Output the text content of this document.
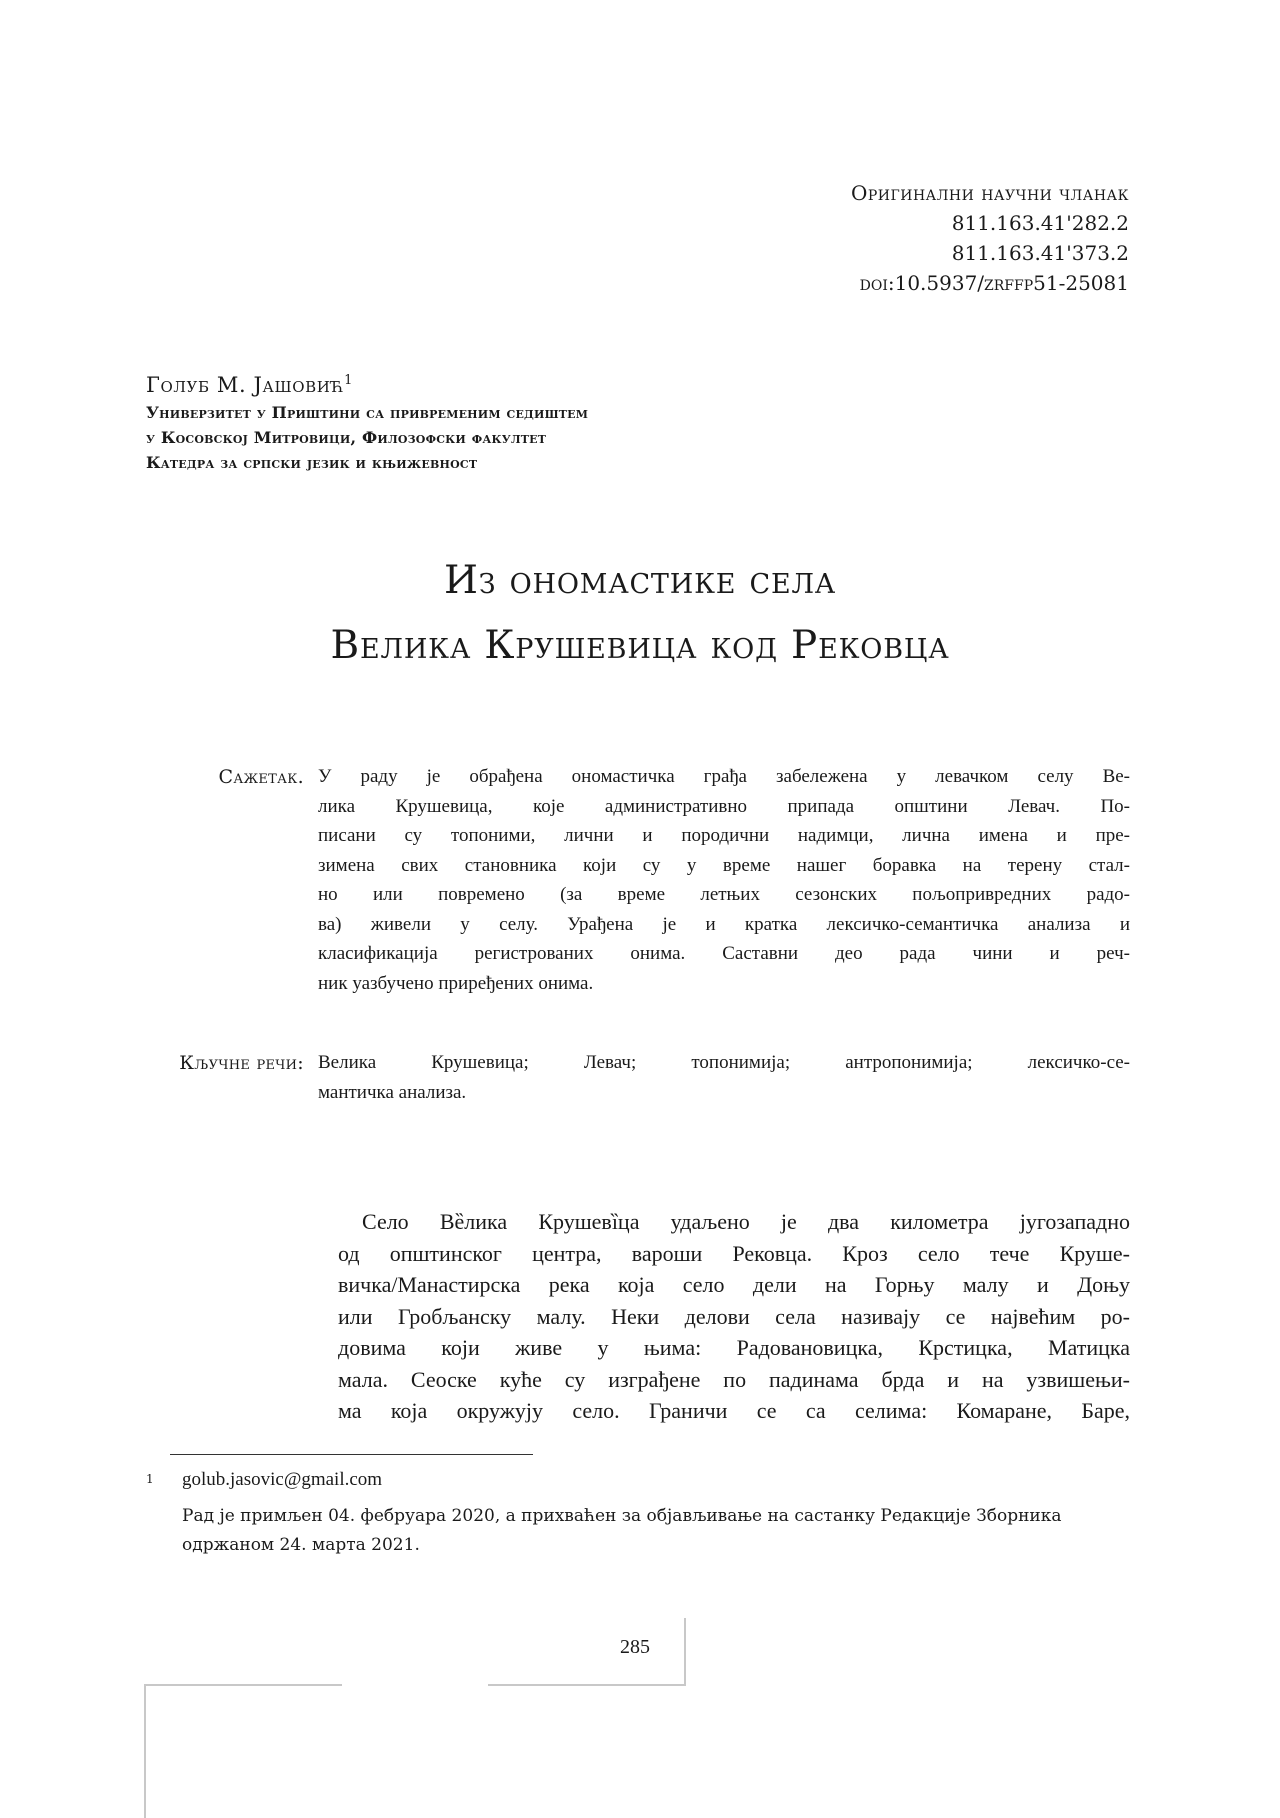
Оригинални научни чланак
811.163.41'282.2
811.163.41'373.2
doi:10.5937/zrffp51-25081
Голуб М. Јашовић$^1$
Универзитет у Приштини са привременим седиштем
у Косовској Митровици, Филозофски факултет
Катедра за српски језик и књижевност
Из ономастике села
Велика Крушевица код Рековца
Сажетак. У раду је обрађена ономастичка грађа забележена у левачком селу Ве-
лика Крушевица, које административно припада општини Левач. По-
писани су топоними, лични и породични надимци, лична имена и пре-
зимена свих становника који су у време нашег боравка на терену стал-
но или повремено (за време летњих сезонских пољопривредних радо-
ва) живели у селу. Урађена је и кратка лексичко-семантичка анализа и
класификација регистрованих онима. Саставни део рада чини и реч-
ник уазбучено приређених онима.
Кључне речи: Велика Крушевица; Левач; топонимија; антропонимија; лексичко-се-
мантичка анализа.
Село Вȅлика Крушевȉца удаљено је два километра југозападно
од општинског центра, вароши Рековца. Кроз село тече Круше-
вичка/Манастирска река која село дели на Горњу малу и Доњу
или Гробљанску малу. Неки делови села називају се највећим ро-
довима који живе у њима: Радовановицка, Крстицка, Матицка
мала. Сеоске куће су изграђене по падинама брда и на узвишењи-
ма која окружују село. Граничи се са селима: Комаране, Баре,
1 golub.jasovic@gmail.com
Рад је примљен 04. фебруара 2020, а прихваћен за објављивање на састанку Редакције Зборника
одржаном 24. марта 2021.
285
